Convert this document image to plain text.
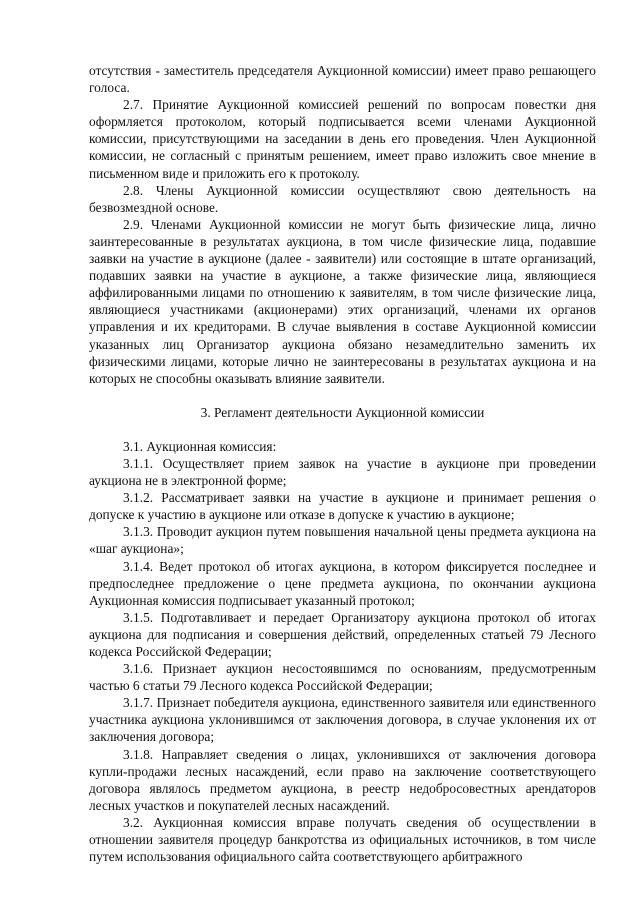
отсутствия - заместитель председателя Аукционной комиссии) имеет право решающего голоса.

2.7. Принятие Аукционной комиссией решений по вопросам повестки дня оформляется протоколом, который подписывается всеми членами Аукционной комиссии, присутствующими на заседании в день его проведения. Член Аукционной комиссии, не согласный с принятым решением, имеет право изложить свое мнение в письменном виде и приложить его к протоколу.

2.8. Члены Аукционной комиссии осуществляют свою деятельность на безвозмездной основе.

2.9. Членами Аукционной комиссии не могут быть физические лица, лично заинтересованные в результатах аукциона, в том числе физические лица, подавшие заявки на участие в аукционе (далее - заявители) или состоящие в штате организаций, подавших заявки на участие в аукционе, а также физические лица, являющиеся аффилированными лицами по отношению к заявителям, в том числе физические лица, являющиеся участниками (акционерами) этих организаций, членами их органов управления и их кредиторами. В случае выявления в составе Аукционной комиссии указанных лиц Организатор аукциона обязано незамедлительно заменить их физическими лицами, которые лично не заинтересованы в результатах аукциона и на которых не способны оказывать влияние заявители.

3. Регламент деятельности Аукционной комиссии

3.1. Аукционная комиссия:

3.1.1. Осуществляет прием заявок на участие в аукционе при проведении аукциона не в электронной форме;

3.1.2. Рассматривает заявки на участие в аукционе и принимает решения о допуске к участию в аукционе или отказе в допуске к участию в аукционе;

3.1.3. Проводит аукцион путем повышения начальной цены предмета аукциона на «шаг аукциона»;

3.1.4. Ведет протокол об итогах аукциона, в котором фиксируется последнее и предпоследнее предложение о цене предмета аукциона, по окончании аукциона Аукционная комиссия подписывает указанный протокол;

3.1.5. Подготавливает и передает Организатору аукциона протокол об итогах аукциона для подписания и совершения действий, определенных статьей 79 Лесного кодекса Российской Федерации;

3.1.6. Признает аукцион несостоявшимся по основаниям, предусмотренным частью 6 статьи 79 Лесного кодекса Российской Федерации;

3.1.7. Признает победителя аукциона, единственного заявителя или единственного участника аукциона уклонившимся от заключения договора, в случае уклонения их от заключения договора;

3.1.8. Направляет сведения о лицах, уклонившихся от заключения договора купли-продажи лесных насаждений, если право на заключение соответствующего договора являлось предметом аукциона, в реестр недобросовестных арендаторов лесных участков и покупателей лесных насаждений.

3.2. Аукционная комиссия вправе получать сведения об осуществлении в отношении заявителя процедур банкротства из официальных источников, в том числе путем использования официального сайта соответствующего арбитражного
